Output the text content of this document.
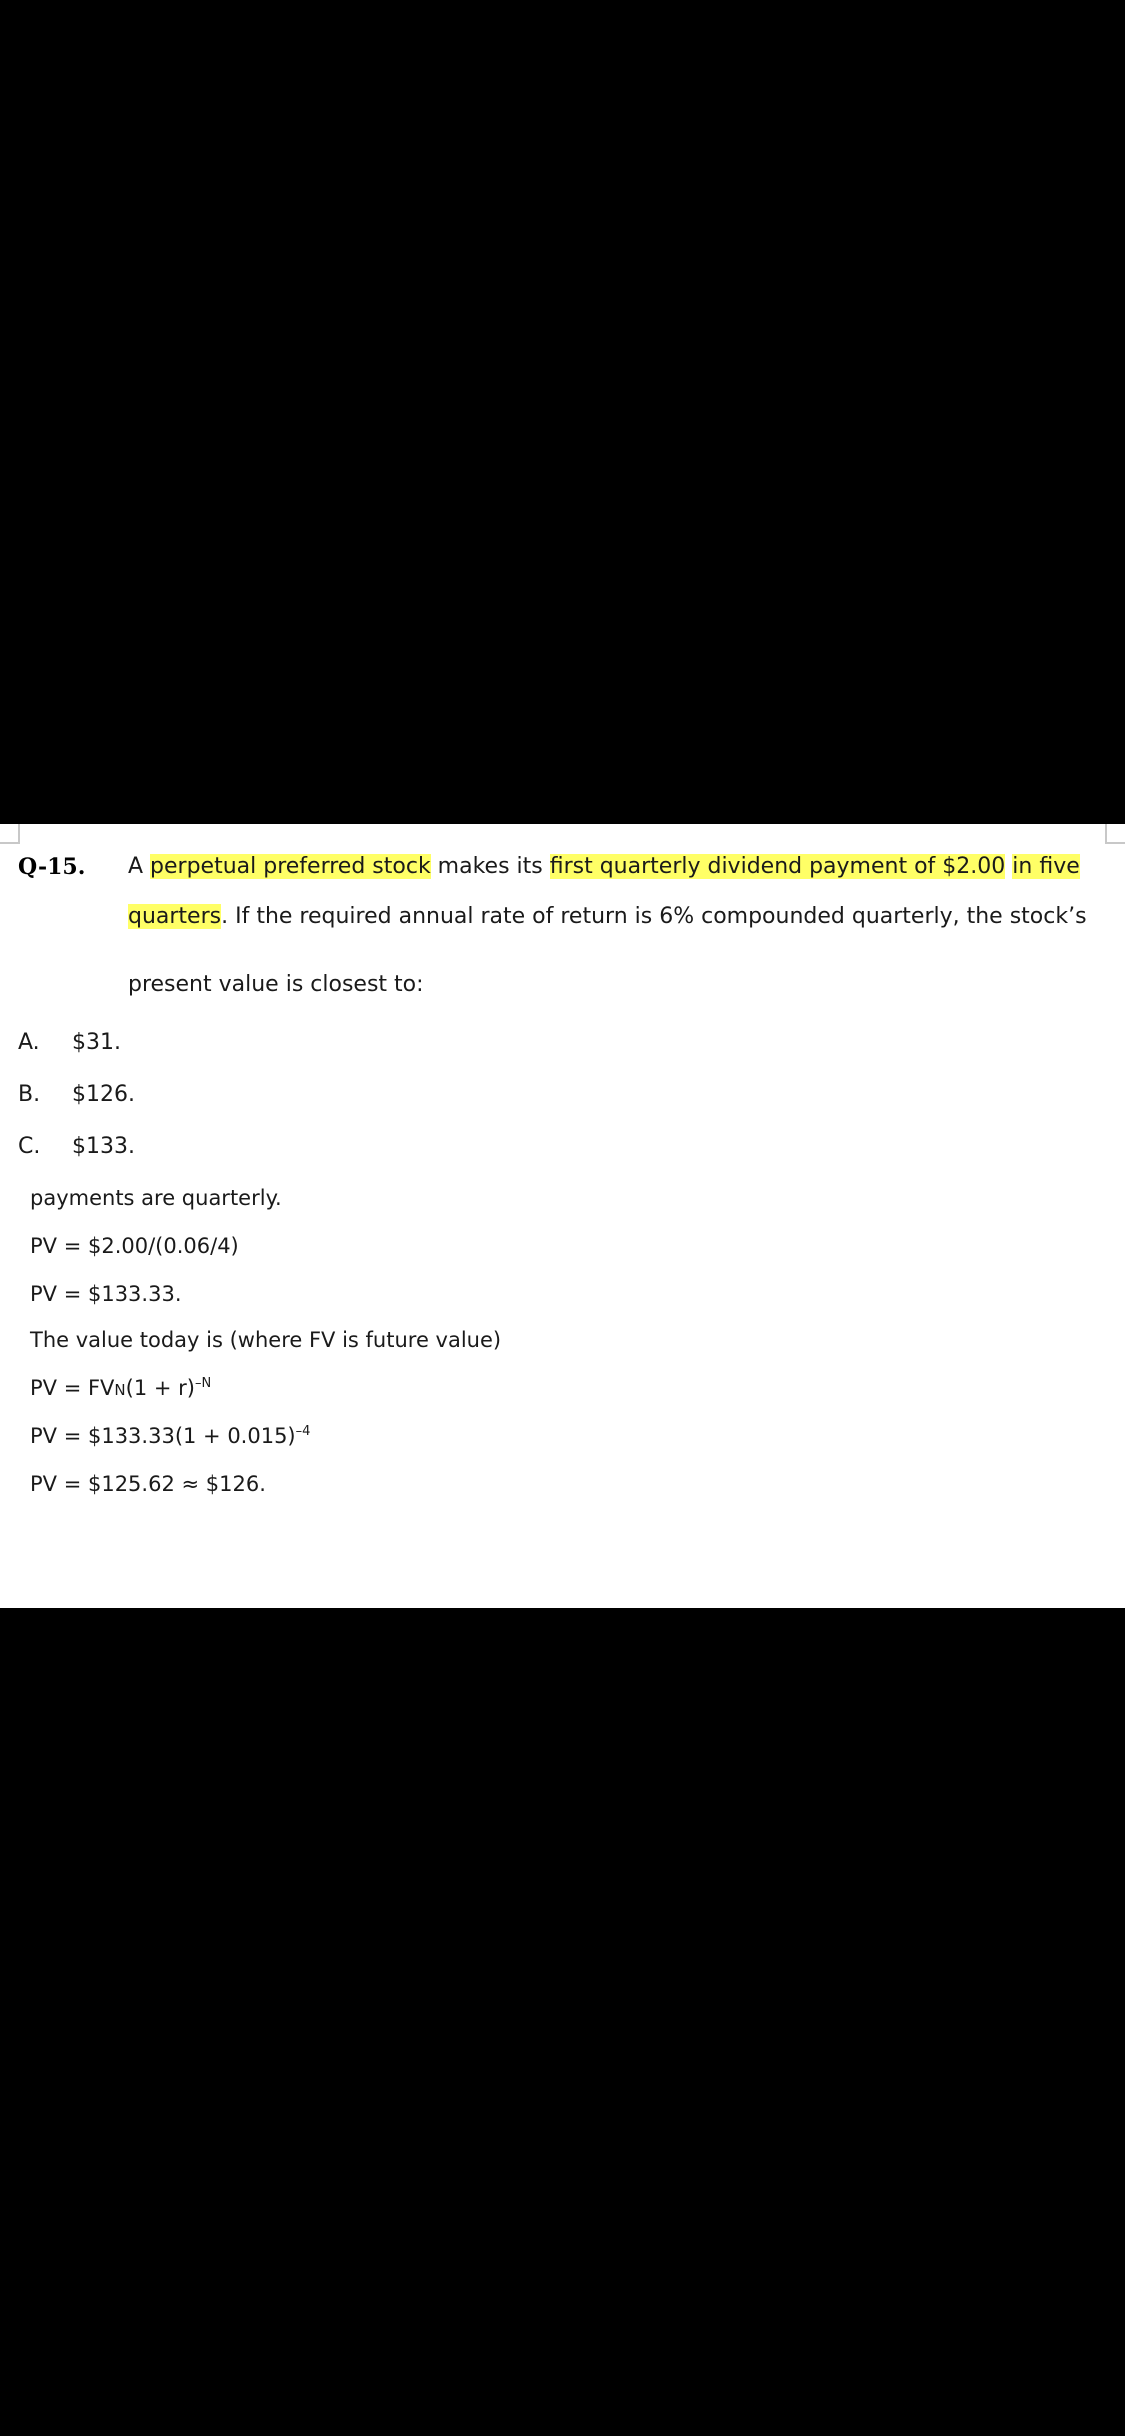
Q-15. A perpetual preferred stock makes its first quarterly dividend payment of $2.00 in five
quarters. If the required annual rate of return is 6% compounded quarterly, the stock’s
present value is closest to:
A. $31.
B. $126.
C. $133.
payments are quarterly.
PV = $2.00/(0.06/4)
PV = $133.33.
The value today is (where FV is future value)
PV = $FVN(1 + r)^{-N}$
PV = $133.33(1 + 0.015)$^{-4}$
PV = $125.62 ≈ $126.
